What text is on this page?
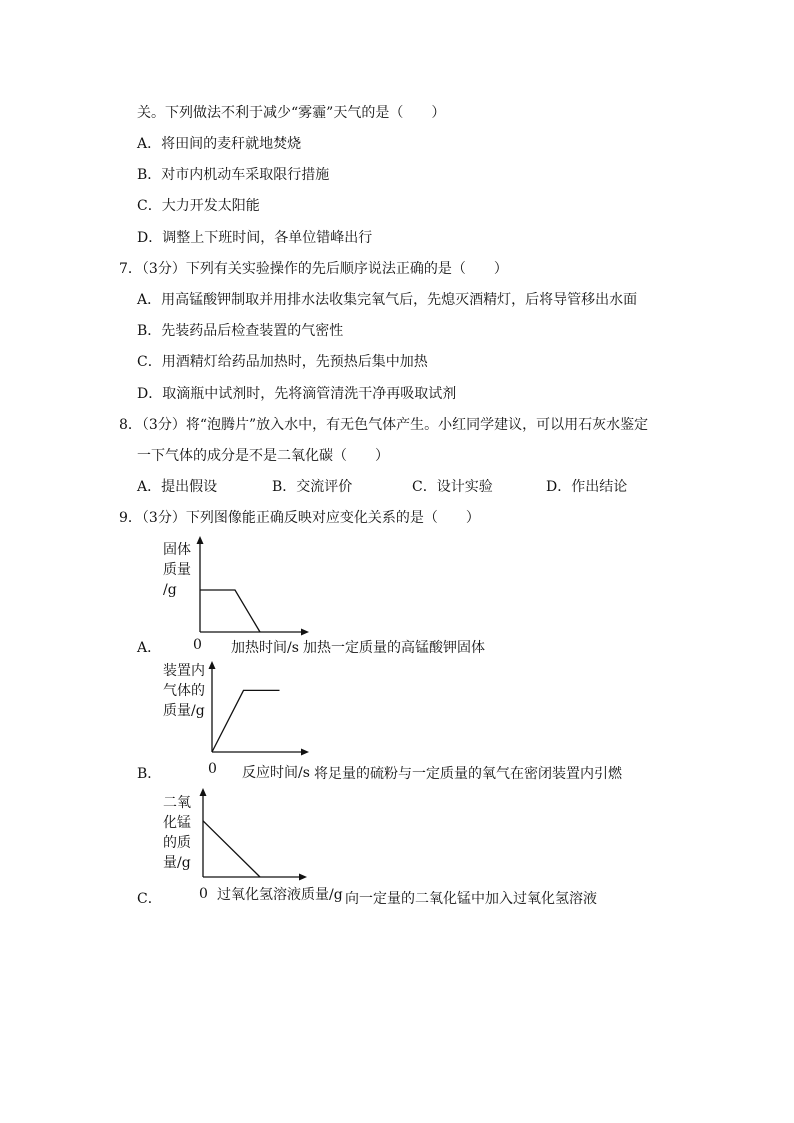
关。下列做法不利于减少“雾霾”天气的是（　　）
A．将田间的麦秆就地焚烧
B．对市内机动车采取限行措施
C．大力开发太阳能
D．调整上下班时间，各单位错峰出行
7．（3分）下列有关实验操作的先后顺序说法正确的是（　　）
A．用高锰酸钾制取并用排水法收集完氧气后，先熄灭酒精灯，后将导管移出水面
B．先装药品后检查装置的气密性
C．用酒精灯给药品加热时，先预热后集中加热
D．取滴瓶中试剂时，先将滴管清洗干净再吸取试剂
8．（3分）将“泡腾片”放入水中，有无色气体产生。小红同学建议，可以用石灰水鉴定
一下气体的成分是不是二氧化碳（　　）
A．提出假设	B．交流评价	C．设计实验	D．作出结论
9．（3分）下列图像能正确反映对应变化关系的是（　　）
A．
固体
质量
/g
0 加热时间/s 加热一定质量的高锰酸钾固体
B．
装置内
气体的
质量/g
0 反应时间/s 将足量的硫粉与一定质量的氧气在密闭装置内引燃
C．
二氧
化锰
的质
量/g
0 过氧化氢溶液质量/g 向一定量的二氧化锰中加入过氧化氢溶液
